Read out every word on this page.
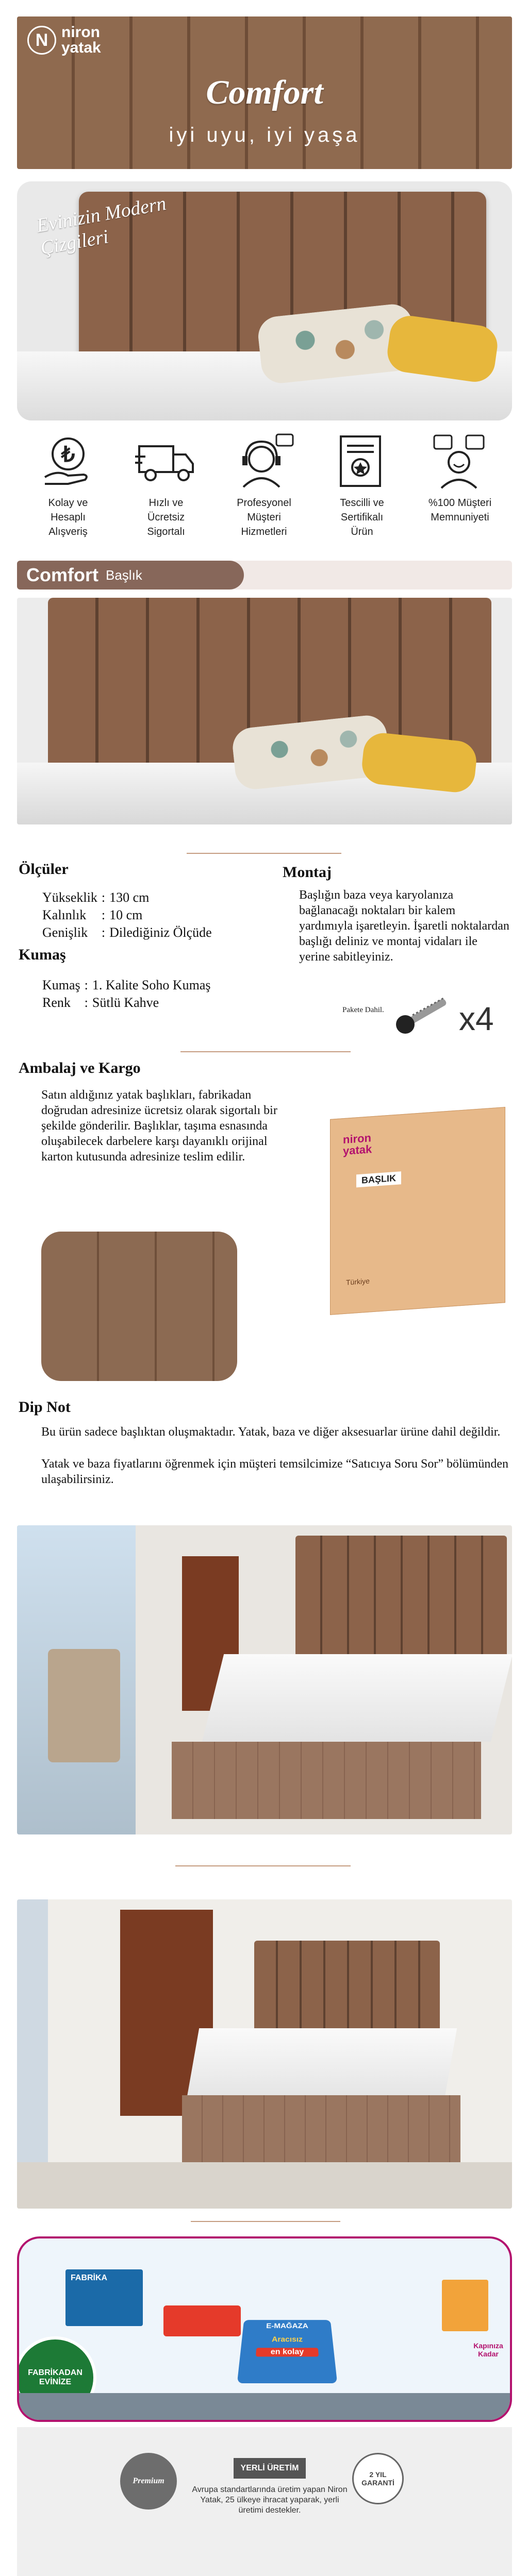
N niron
yatak
Comfort
iyi uyu, iyi yaşa
Evinizin Modern Çizgileri
₺
Kolay ve Hesaplı Alışveriş
Hızlı ve Ücretsiz Sigortalı
Profesyonel Müşteri Hizmetleri
Tescilli ve Sertifikalı Ürün
%100 Müşteri Memnuniyeti
Comfort Başlık
Ölçüler
Yükseklik	:	130 cm
Kalınlık	:	10 cm
Genişlik	:	Dilediğiniz Ölçüde
Kumaş
Kumaş	:	1. Kalite Soho Kumaş
Renk	:	Sütlü Kahve
Montaj
Başlığın baza veya karyolanıza bağlanacağı noktaları bir kalem yardımıyla işaretleyin. İşaretli noktalardan başlığı deliniz ve montaj vidaları ile yerine sabitleyiniz.
Pakete Dahil. x4
Ambalaj ve Kargo
Satın aldığınız yatak başlıkları, fabrikadan doğrudan adresinize ücretsiz olarak sigortalı bir şekilde gönderilir. Başlıklar, taşıma esnasında oluşabilecek darbelere karşı dayanıklı orijinal karton kutusunda adresinize teslim edilir.
niron
yatak
BAŞLIK
Türkiye
Dip Not
Bu ürün sadece başlıktan oluşmaktadır. Yatak, baza ve diğer aksesuarlar ürüne dahil değildir.
Yatak ve baza fiyatlarını öğrenmek için müşteri temsilcimize “Satıcıya Soru Sor” bölümünden ulaşabilirsiniz.
FABRİKA
E-MAĞAZA
Aracısız
en kolay
Kapınıza Kadar
FABRİKADAN EVİNİZE
Premium
YERLİ ÜRETİM
Avrupa standartlarında üretim yapan Niron Yatak, 25 ülkeye ihracat yaparak, yerli üretimi destekler.
2 YIL GARANTİ
